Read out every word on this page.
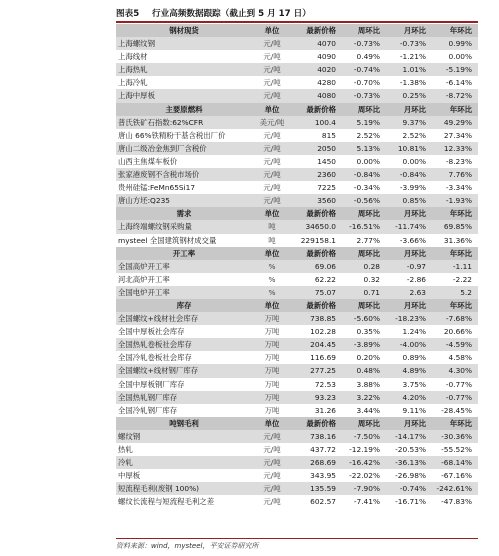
图表5 行业高频数据跟踪（截止到 5 月 17 日）
钢材现货	单位	最新价格	周环比	月环比	年环比
上海螺纹钢	元/吨	4070	-0.73%	-0.73%	0.99%
上海线材	元/吨	4090	0.49%	-1.21%	0.00%
上海热轧	元/吨	4020	-0.74%	1.01%	-5.19%
上海冷轧	元/吨	4280	-0.70%	-1.38%	-6.14%
上海中厚板	元/吨	4080	-0.73%	0.25%	-8.72%
主要原燃料	单位	最新价格	周环比	月环比	年环比
普氏铁矿石指数:62%CFR	美元/吨	100.4	5.19%	9.37%	49.29%
唐山 66%铁精粉干基含税出厂价	元/吨	815	2.52%	2.52%	27.34%
唐山二级冶金焦到厂含税价	元/吨	2050	5.13%	10.81%	12.33%
山西主焦煤车板价	元/吨	1450	0.00%	0.00%	-8.23%
张家港废钢不含税市场价	元/吨	2360	-0.84%	-0.84%	7.76%
贵州硅锰:FeMn65Si17	元/吨	7225	-0.34%	-3.99%	-3.34%
唐山方坯:Q235	元/吨	3560	-0.56%	0.85%	-1.93%
需求	单位	最新价格	周环比	月环比	年环比
上海终端螺纹钢采购量	吨	34650.0	-16.51%	-11.74%	69.85%
mysteel 全国建筑钢材成交量	吨	229158.1	2.77%	-3.66%	31.36%
开工率	单位	最新价格	周环比	月环比	年环比
全国高炉开工率	%	69.06	0.28	-0.97	-1.11
河北高炉开工率	%	62.22	0.32	-2.86	-2.22
全国电炉开工率	%	75.07	0.71	2.63	5.2
库存	单位	最新价格	周环比	月环比	年环比
全国螺纹+线材社会库存	万吨	738.85	-5.60%	-18.23%	-7.68%
全国中厚板社会库存	万吨	102.28	0.35%	1.24%	20.66%
全国热轧卷板社会库存	万吨	204.45	-3.89%	-4.00%	-4.59%
全国冷轧卷板社会库存	万吨	116.69	0.20%	0.89%	4.58%
全国螺纹+线材钢厂库存	万吨	277.25	0.48%	4.89%	4.30%
全国中厚板钢厂库存	万吨	72.53	3.88%	3.75%	-0.77%
全国热轧钢厂库存	万吨	93.23	3.22%	4.20%	-0.77%
全国冷轧钢厂库存	万吨	31.26	3.44%	9.11%	-28.45%
吨钢毛利	单位	最新价格	周环比	月环比	年环比
螺纹钢	元/吨	738.16	-7.50%	-14.17%	-30.36%
热轧	元/吨	437.72	-12.19%	-20.53%	-55.52%
冷轧	元/吨	268.69	-16.42%	-36.13%	-68.14%
中厚板	元/吨	343.95	-22.02%	-26.98%	-67.16%
短流程毛利(废钢 100%)	元/吨	135.59	-7.90%	-0.74%	-242.61%
螺纹长流程与短流程毛利之差	元/吨	602.57	-7.41%	-16.71%	-47.83%
资料来源：wind，mysteel，平安证券研究所
